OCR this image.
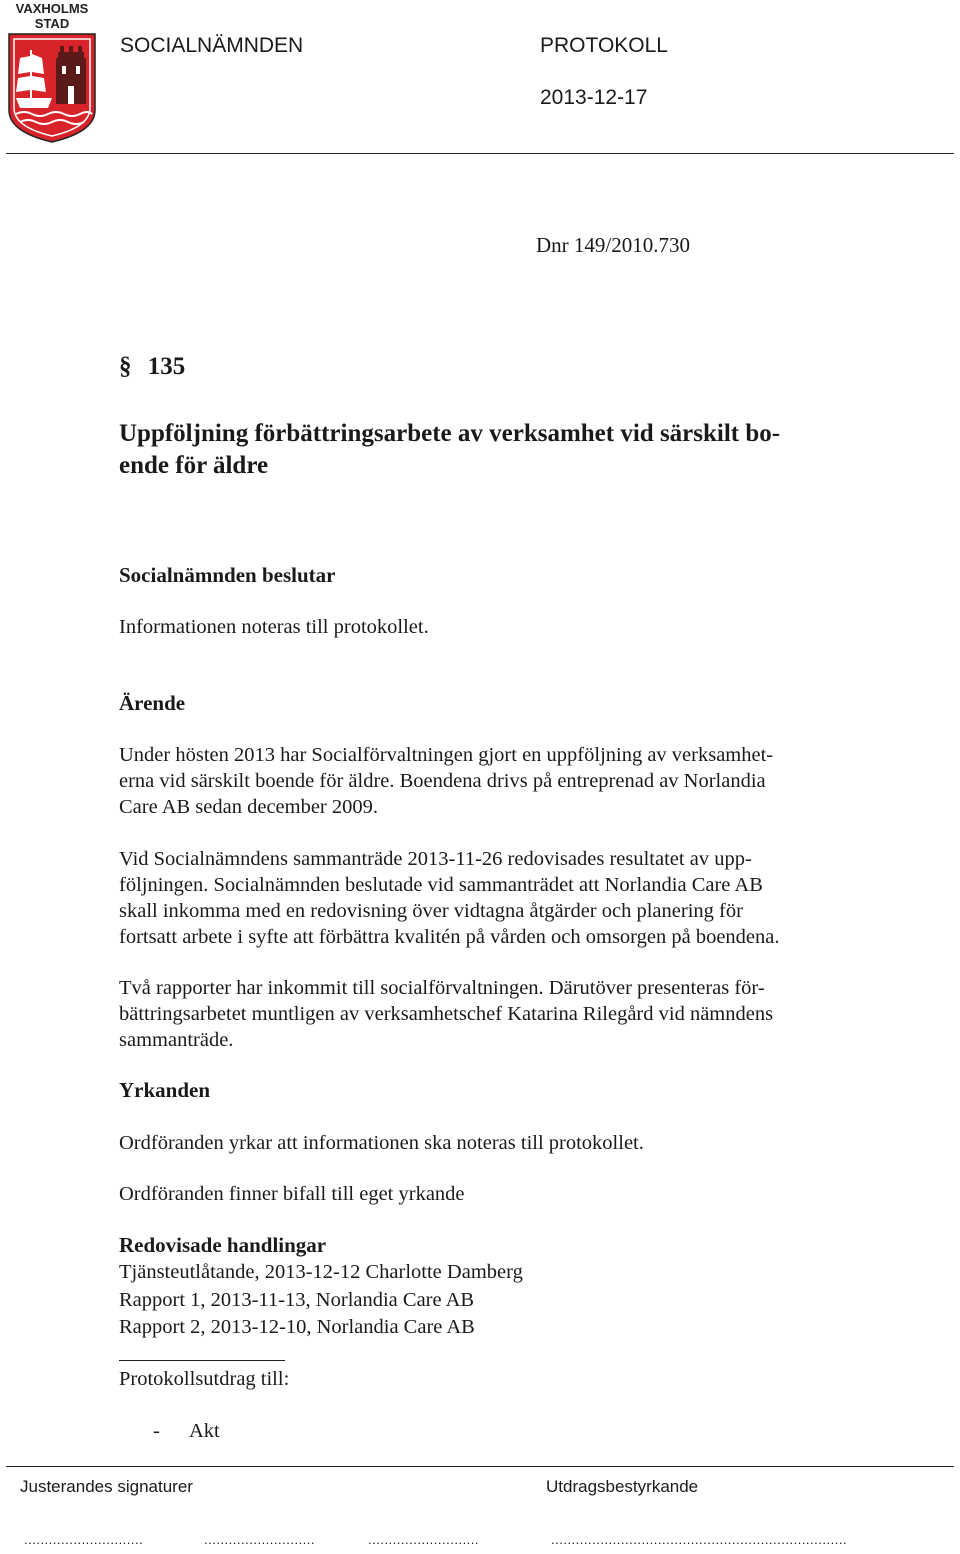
VAXHOLMS
STAD
SOCIALNÄMNDEN	PROTOKOLL
2013-12-17
Dnr 149/2010.730
§ 135
Uppföljning förbättringsarbete av verksamhet vid särskilt bo-
ende för äldre
Socialnämnden beslutar
Informationen noteras till protokollet.
Ärende
Under hösten 2013 har Socialförvaltningen gjort en uppföljning av verksamhet-
erna vid särskilt boende för äldre. Boendena drivs på entreprenad av Norlandia
Care AB sedan december 2009.
Vid Socialnämndens sammanträde 2013-11-26 redovisades resultatet av upp-
följningen. Socialnämnden beslutade vid sammanträdet att Norlandia Care AB
skall inkomma med en redovisning över vidtagna åtgärder och planering för
fortsatt arbete i syfte att förbättra kvalitén på vården och omsorgen på boendena.
Två rapporter har inkommit till socialförvaltningen. Därutöver presenteras för-
bättringsarbetet muntligen av verksamhetschef Katarina Rilegård vid nämndens
sammanträde.
Yrkanden
Ordföranden yrkar att informationen ska noteras till protokollet.
Ordföranden finner bifall till eget yrkande
Redovisade handlingar
Tjänsteutlåtande, 2013-12-12 Charlotte Damberg
Rapport 1, 2013-11-13, Norlandia Care AB
Rapport 2, 2013-12-10, Norlandia Care AB
Protokollsutdrag till:
- Akt
Justerandes signaturer	Utdragsbestyrkande
.............................	...........................	...........................	........................................................................
